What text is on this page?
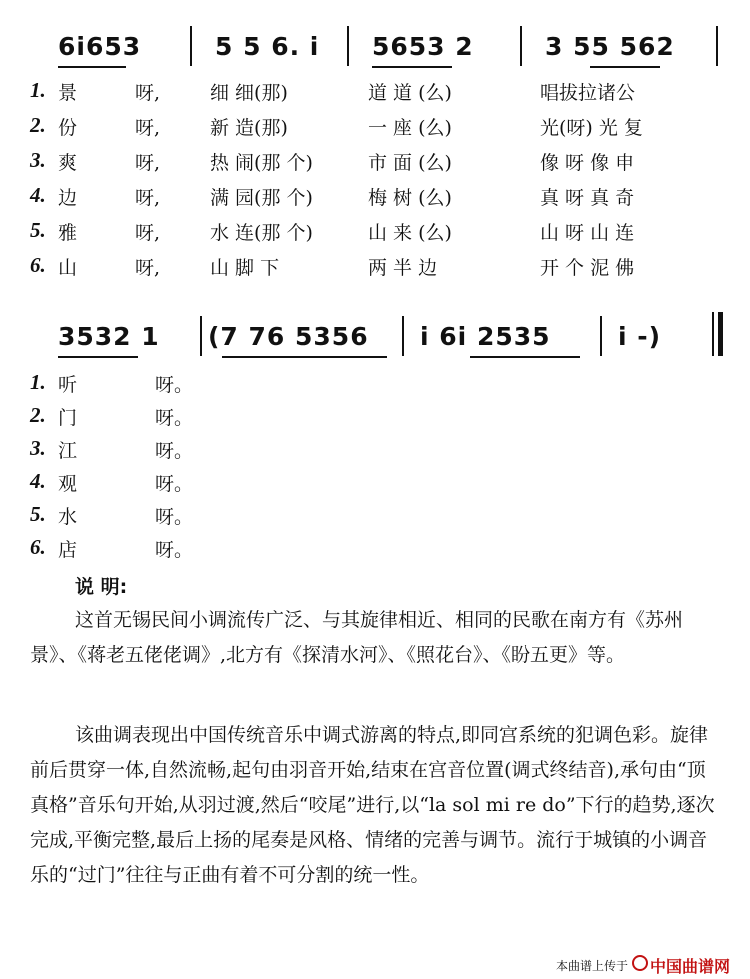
6i653	5 5 6. i 5653 2	3 55 562
1. 景	呀,	细 细(那)	道 道 (么)	唱拔拉诸公
2. 份	呀,	新 造(那)	一 座 (么)	光(呀) 光 复
3. 爽	呀,	热 闹(那 个)	市 面 (么)	像 呀 像 申
4. 边	呀,	满 园(那 个)	梅 树 (么)	真 呀 真 奇
5. 雅	呀,	水 连(那 个)	山 来 (么)	山 呀 山 连
6. 山	呀,	山 脚 下	两 半 边	开 个 泥 佛
3532 1 (7 76 5356 i 6i 2535	i -)
1. 听	呀。
2. 门	呀。
3. 江	呀。
4. 观	呀。
5. 水	呀。
6. 店	呀。
说 明:
这首无锡民间小调流传广泛、与其旋律相近、相同的民歌在南方有《苏州景》、《蒋老五佬佬调》,北方有《探清水河》、《照花台》、《盼五更》等。
该曲调表现出中国传统音乐中调式游离的特点,即同宫系统的犯调色彩。旋律前后贯穿一体,自然流畅,起句由羽音开始,结束在宫音位置(调式终结音),承句由“顶真格”音乐句开始,从羽过渡,然后“咬尾”进行,以“la sol mi re do”下行的趋势,逐次完成,平衡完整,最后上扬的尾奏是风格、情绪的完善与调节。流行于城镇的小调音乐的“过门”往往与正曲有着不可分割的统一性。
本曲谱上传于 中国曲谱网
